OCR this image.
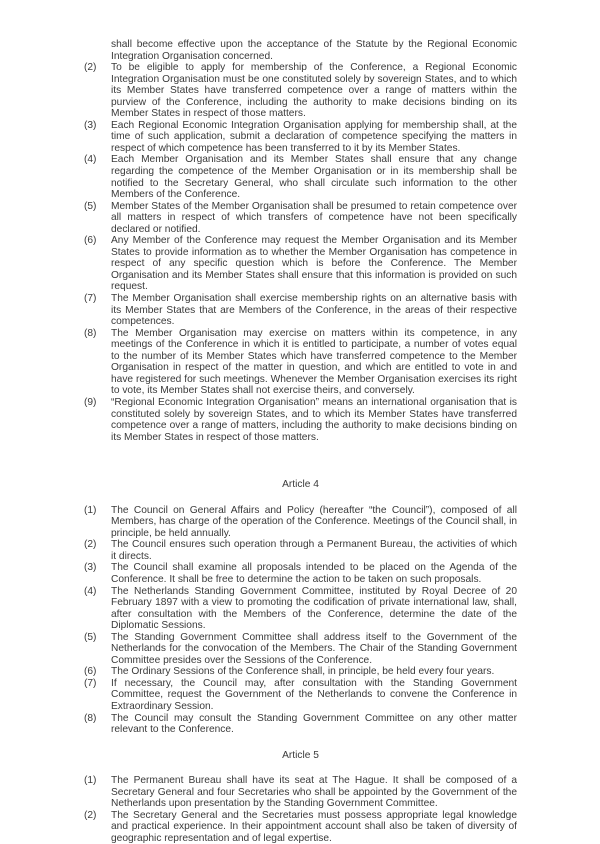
shall become effective upon the acceptance of the Statute by the Regional Economic Integration Organisation concerned.
(2) To be eligible to apply for membership of the Conference, a Regional Economic Integration Organisation must be one constituted solely by sovereign States, and to which its Member States have transferred competence over a range of matters within the purview of the Conference, including the authority to make decisions binding on its Member States in respect of those matters.
(3) Each Regional Economic Integration Organisation applying for membership shall, at the time of such application, submit a declaration of competence specifying the matters in respect of which competence has been transferred to it by its Member States.
(4) Each Member Organisation and its Member States shall ensure that any change regarding the competence of the Member Organisation or in its membership shall be notified to the Secretary General, who shall circulate such information to the other Members of the Conference.
(5) Member States of the Member Organisation shall be presumed to retain competence over all matters in respect of which transfers of competence have not been specifically declared or notified.
(6) Any Member of the Conference may request the Member Organisation and its Member States to provide information as to whether the Member Organisation has competence in respect of any specific question which is before the Conference. The Member Organisation and its Member States shall ensure that this information is provided on such request.
(7) The Member Organisation shall exercise membership rights on an alternative basis with its Member States that are Members of the Conference, in the areas of their respective competences.
(8) The Member Organisation may exercise on matters within its competence, in any meetings of the Conference in which it is entitled to participate, a number of votes equal to the number of its Member States which have transferred competence to the Member Organisation in respect of the matter in question, and which are entitled to vote in and have registered for such meetings. Whenever the Member Organisation exercises its right to vote, its Member States shall not exercise theirs, and conversely.
(9) “Regional Economic Integration Organisation” means an international organisation that is constituted solely by sovereign States, and to which its Member States have transferred competence over a range of matters, including the authority to make decisions binding on its Member States in respect of those matters.
Article 4
(1) The Council on General Affairs and Policy (hereafter “the Council”), composed of all Members, has charge of the operation of the Conference. Meetings of the Council shall, in principle, be held annually.
(2) The Council ensures such operation through a Permanent Bureau, the activities of which it directs.
(3) The Council shall examine all proposals intended to be placed on the Agenda of the Conference. It shall be free to determine the action to be taken on such proposals.
(4) The Netherlands Standing Government Committee, instituted by Royal Decree of 20 February 1897 with a view to promoting the codification of private international law, shall, after consultation with the Members of the Conference, determine the date of the Diplomatic Sessions.
(5) The Standing Government Committee shall address itself to the Government of the Netherlands for the convocation of the Members. The Chair of the Standing Government Committee presides over the Sessions of the Conference.
(6) The Ordinary Sessions of the Conference shall, in principle, be held every four years.
(7) If necessary, the Council may, after consultation with the Standing Government Committee, request the Government of the Netherlands to convene the Conference in Extraordinary Session.
(8) The Council may consult the Standing Government Committee on any other matter relevant to the Conference.
Article 5
(1) The Permanent Bureau shall have its seat at The Hague. It shall be composed of a Secretary General and four Secretaries who shall be appointed by the Government of the Netherlands upon presentation by the Standing Government Committee.
(2) The Secretary General and the Secretaries must possess appropriate legal knowledge and practical experience. In their appointment account shall also be taken of diversity of geographic representation and of legal expertise.
